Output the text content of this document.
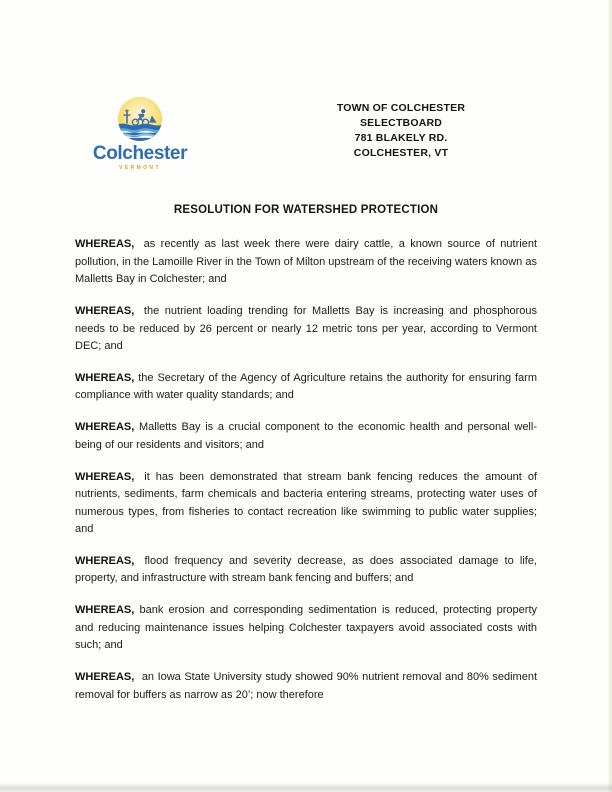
Colchester
VERMONT
TOWN OF COLCHESTER
SELECTBOARD
781 BLAKELY RD.
COLCHESTER, VT
RESOLUTION FOR WATERSHED PROTECTION

WHEREAS, as recently as last week there were dairy cattle, a known source of nutrient pollution, in the Lamoille River in the Town of Milton upstream of the receiving waters known as Malletts Bay in Colchester; and

WHEREAS, the nutrient loading trending for Malletts Bay is increasing and phosphorous needs to be reduced by 26 percent or nearly 12 metric tons per year, according to Vermont DEC; and

WHEREAS, the Secretary of the Agency of Agriculture retains the authority for ensuring farm compliance with water quality standards; and

WHEREAS, Malletts Bay is a crucial component to the economic health and personal well-being of our residents and visitors; and

WHEREAS, it has been demonstrated that stream bank fencing reduces the amount of nutrients, sediments, farm chemicals and bacteria entering streams, protecting water uses of numerous types, from fisheries to contact recreation like swimming to public water supplies; and

WHEREAS, flood frequency and severity decrease, as does associated damage to life, property, and infrastructure with stream bank fencing and buffers; and

WHEREAS, bank erosion and corresponding sedimentation is reduced, protecting property and reducing maintenance issues helping Colchester taxpayers avoid associated costs with such; and

WHEREAS, an Iowa State University study showed 90% nutrient removal and 80% sediment removal for buffers as narrow as 20’; now therefore
